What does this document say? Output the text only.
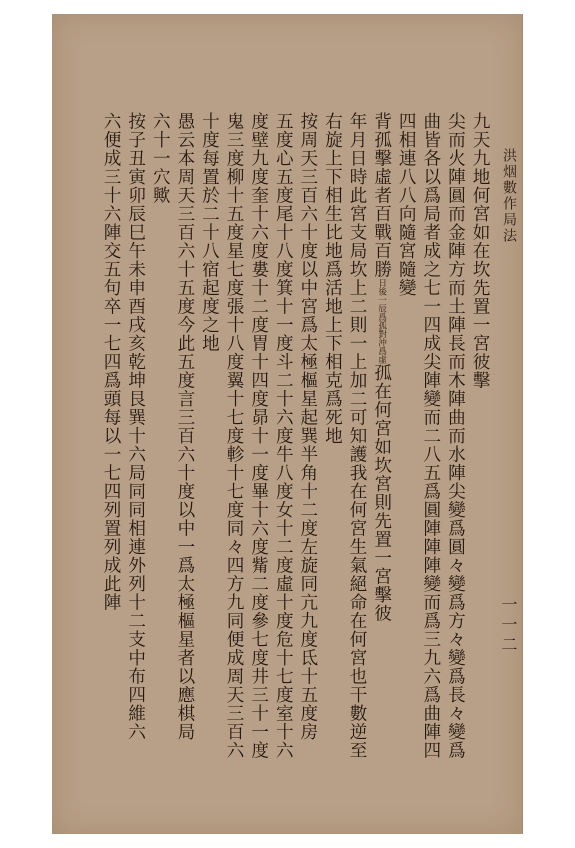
洪烟數作局法
一一二
九天九地何宮如在坎先置一宮彼擊
尖而火陣圓而金陣方而土陣長而木陣曲而水陣尖變爲圓々變爲方々變爲長々變爲
曲皆各以爲局者成之七一四成尖陣變而二八五爲圓陣陣陣變而爲三九六爲曲陣四
四相連八八向隨宮隨變
背孤擊虛者百戰百勝日後一辰爲孤對沖爲虛孤在何宮如坎宮則先置一宮擊彼
年月日時此宮支局坎上二則一上加二可知護我在何宮生氣絕命在何宮也干數逆至
右旋上下相生比地爲活地上下相克爲死地
按周天三百六十度以中宮爲太極樞星起巽半角十二度左旋同亢九度氐十五度房
五度心五度尾十八度箕十一度斗二十六度牛八度女十二度虛十度危十七度室十六
度壁九度奎十六度婁十二度胃十四度昴十一度畢十六度觜二度參七度井三十一度
鬼三度柳十五度星七度張十八度翼十七度軫十七度同々四方九同便成周天三百六
十度每置於二十八宿起度之地
愚云本周天三百六十五度今此五度言三百六十度以中一爲太極樞星者以應棋局
六十一穴歟
按子丑寅卯辰巳午未申酉戌亥乾坤艮巽十六局同同相連外列十二支中布四維六
六便成三十六陣交五句卒一七四爲頭每以一七四列置列成此陣
